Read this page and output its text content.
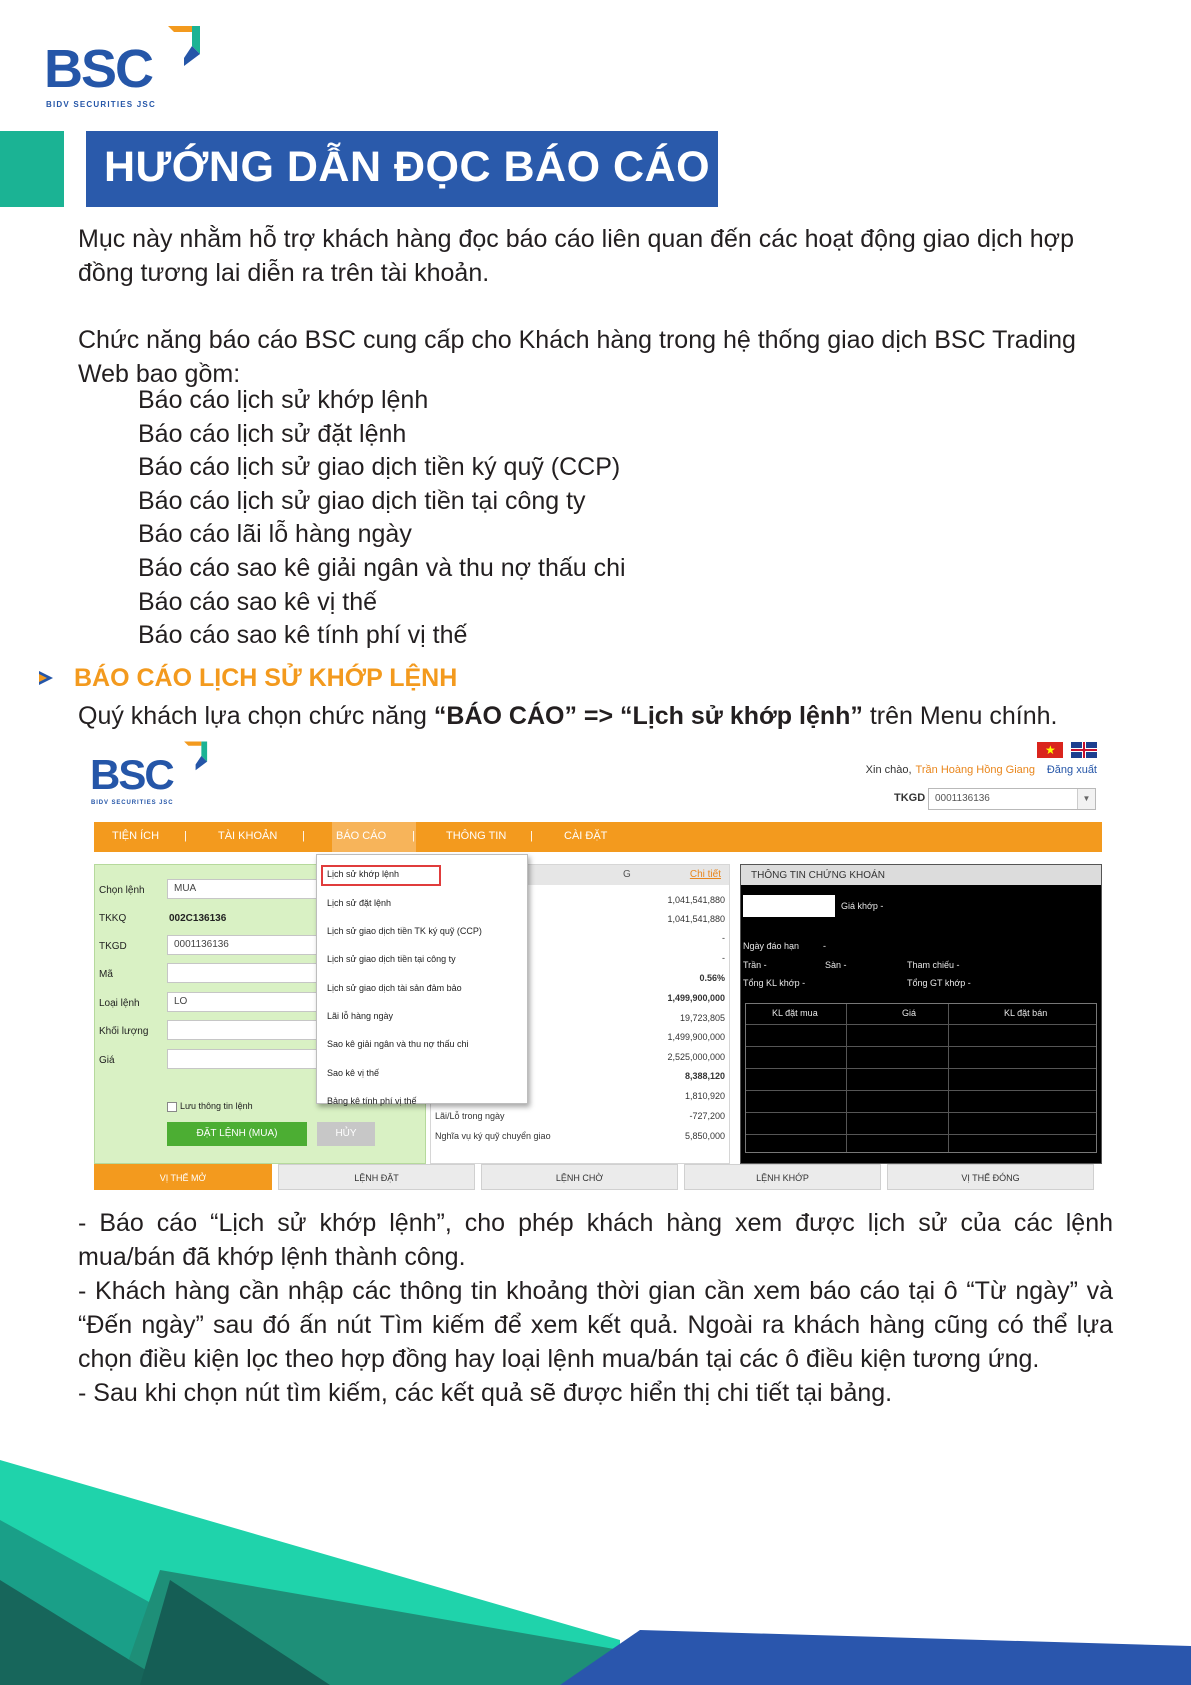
BSC
BIDV SECURITIES JSC
HƯỚNG DẪN ĐỌC BÁO CÁO
Mục này nhằm hỗ trợ khách hàng đọc báo cáo liên quan đến các hoạt động giao dịch hợp đồng tương lai diễn ra trên tài khoản.
Chức năng báo cáo BSC cung cấp cho Khách hàng trong hệ thống giao dịch BSC Trading Web bao gồm:
Báo cáo lịch sử khớp lệnh
Báo cáo lịch sử đặt lệnh
Báo cáo lịch sử giao dịch tiền ký quỹ (CCP)
Báo cáo lịch sử giao dịch tiền tại công ty
Báo cáo lãi lỗ hàng ngày
Báo cáo sao kê giải ngân và thu nợ thấu chi
Báo cáo sao kê vị thế
Báo cáo sao kê tính phí vị thế
BÁO CÁO LỊCH SỬ KHỚP LỆNH
Quý khách lựa chọn chức năng “BÁO CÁO” => “Lịch sử khớp lệnh” trên Menu chính.
BSC
BIDV SECURITIES JSC
★
Xin chào, Trần Hoàng Hồng Giang Đăng xuất
TKGD 0001136136	▼
TIỆN ÍCH |	TÀI KHOẢN |	BÁO CÁO |	THÔNG TIN |	CÀI ĐẶT
Chọn lệnh	MUA
TKKQ	002C136136
TKGD	0001136136
Mã
Loại lệnh	LO
Khối lượng
Giá
Lưu thông tin lệnh
ĐẶT LỆNH (MUA)	HỦY
G	Chi tiết
1,041,541,880
1,041,541,880
-
-
0.56%
1,499,900,000
19,723,805
1,499,900,000
2,525,000,000
8,388,120
1,810,920
Lãi/Lỗ trong ngày	-727,200
Nghĩa vụ ký quỹ chuyển giao	5,850,000
THÔNG TIN CHỨNG KHOÁN
Giá khớp -
Ngày đáo hạn	-
Trần -	Sàn -	Tham chiếu -
Tổng KL khớp -	Tổng GT khớp -
KL đặt mua	Giá	KL đặt bán
Lịch sử khớp lệnh
Lịch sử đặt lệnh
Lịch sử giao dịch tiền TK ký quỹ (CCP)
Lịch sử giao dịch tiền tại công ty
Lịch sử giao dịch tài sản đảm bảo
Lãi lỗ hàng ngày
Sao kê giải ngân và thu nợ thấu chi
Sao kê vị thế
Bảng kê tính phí vị thế
VỊ THẾ MỞ	LỆNH ĐẶT	LỆNH CHỜ	LỆNH KHỚP	VỊ THẾ ĐÓNG

- Báo cáo “Lịch sử khớp lệnh”, cho phép khách hàng xem được lịch sử của các lệnh mua/bán đã khớp lệnh thành công.

- Khách hàng cần nhập các thông tin khoảng thời gian cần xem báo cáo tại ô “Từ ngày” và “Đến ngày” sau đó ấn nút Tìm kiếm để xem kết quả. Ngoài ra khách hàng cũng có thể lựa chọn điều kiện lọc theo hợp đồng hay loại lệnh mua/bán tại các ô điều kiện tương ứng.

- Sau khi chọn nút tìm kiếm, các kết quả sẽ được hiển thị chi tiết tại bảng.
